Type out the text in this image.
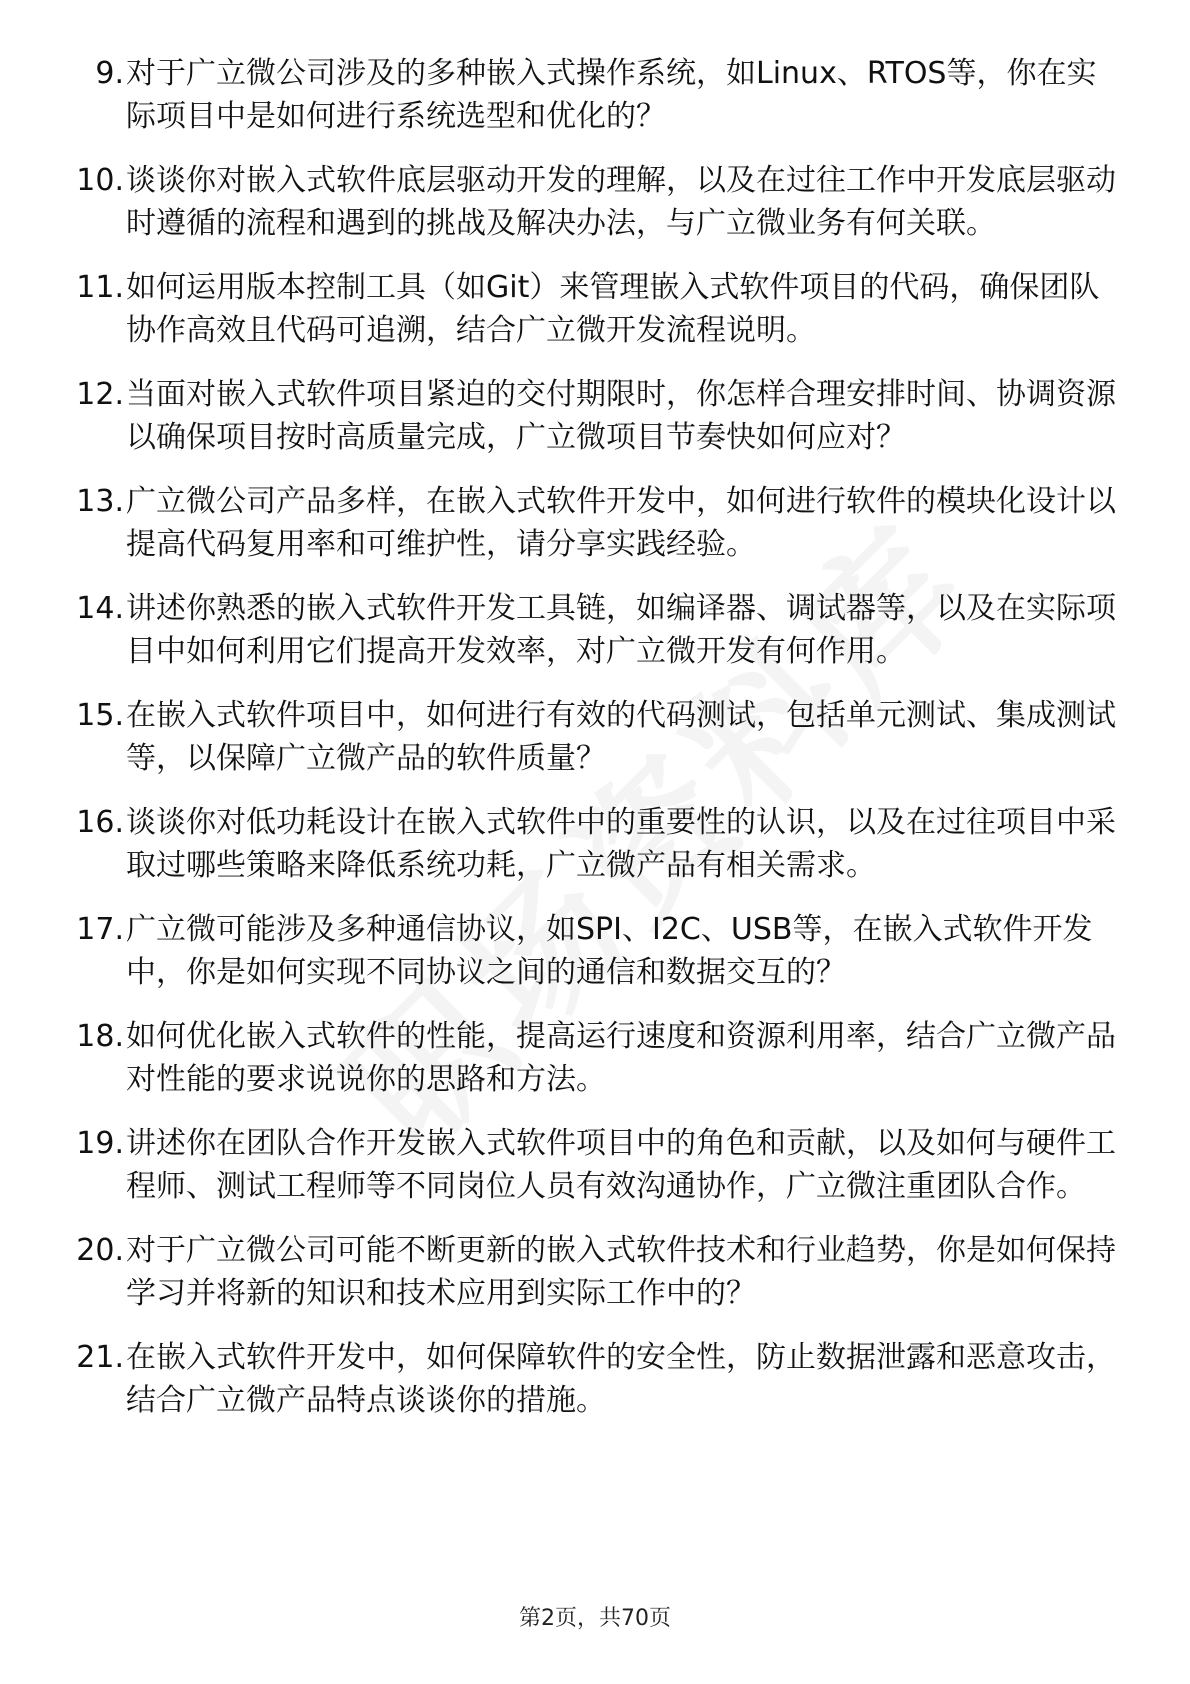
9. 对于广立微公司涉及的多种嵌入式操作系统，如Linux、RTOS等，你在实际项目中是如何进行系统选型和优化的？
10. 谈谈你对嵌入式软件底层驱动开发的理解，以及在过往工作中开发底层驱动时遵循的流程和遇到的挑战及解决办法，与广立微业务有何关联。
11. 如何运用版本控制工具（如Git）来管理嵌入式软件项目的代码，确保团队协作高效且代码可追溯，结合广立微开发流程说明。
12. 当面对嵌入式软件项目紧迫的交付期限时，你怎样合理安排时间、协调资源以确保项目按时高质量完成，广立微项目节奏快如何应对？
13. 广立微公司产品多样，在嵌入式软件开发中，如何进行软件的模块化设计以提高代码复用率和可维护性，请分享实践经验。
14. 讲述你熟悉的嵌入式软件开发工具链，如编译器、调试器等，以及在实际项目中如何利用它们提高开发效率，对广立微开发有何作用。
15. 在嵌入式软件项目中，如何进行有效的代码测试，包括单元测试、集成测试等，以保障广立微产品的软件质量？
16. 谈谈你对低功耗设计在嵌入式软件中的重要性的认识，以及在过往项目中采取过哪些策略来降低系统功耗，广立微产品有相关需求。
17. 广立微可能涉及多种通信协议，如SPI、I2C、USB等，在嵌入式软件开发中，你是如何实现不同协议之间的通信和数据交互的？
18. 如何优化嵌入式软件的性能，提高运行速度和资源利用率，结合广立微产品对性能的要求说说你的思路和方法。
19. 讲述你在团队合作开发嵌入式软件项目中的角色和贡献，以及如何与硬件工程师、测试工程师等不同岗位人员有效沟通协作，广立微注重团队合作。
20. 对于广立微公司可能不断更新的嵌入式软件技术和行业趋势，你是如何保持学习并将新的知识和技术应用到实际工作中的？
21. 在嵌入式软件开发中，如何保障软件的安全性，防止数据泄露和恶意攻击，结合广立微产品特点谈谈你的措施。
第2页，共70页
